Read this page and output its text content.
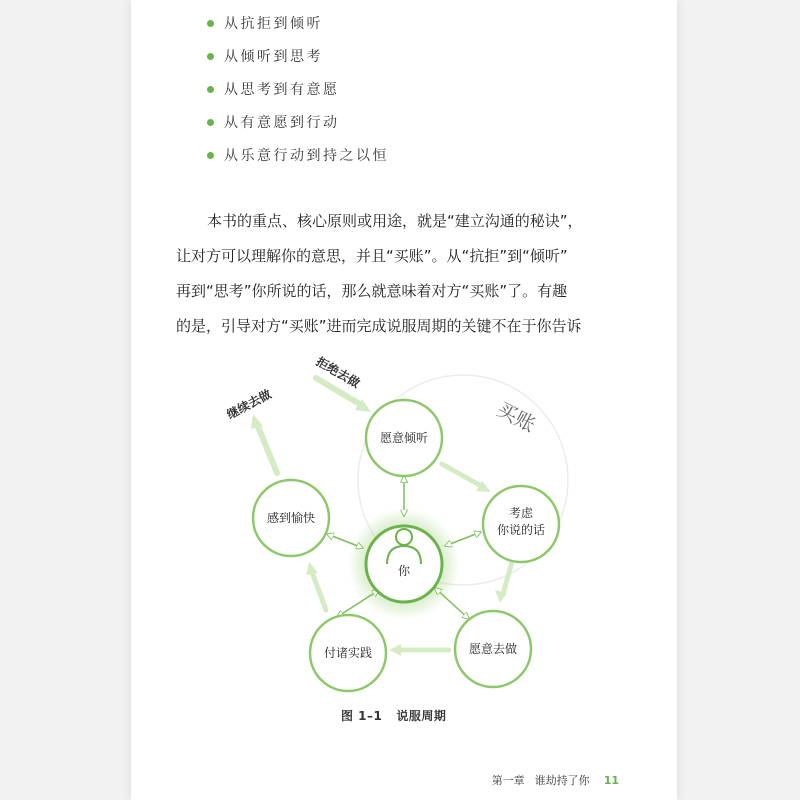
从抗拒到倾听
从倾听到思考
从思考到有意愿
从有意愿到行动
从乐意行动到持之以恒
本书的重点、核心原则或用途，就是“建立沟通的秘诀”，
让对方可以理解你的意思，并且“买账”。从“抗拒”到“倾听”
再到“思考”你所说的话，那么就意味着对方“买账”了。有趣
的是，引导对方“买账”进而完成说服周期的关键不在于你告诉
买账
拒绝去做
继续去做
你
愿意倾听
考虑
你说的话
愿意去做
付诸实践
感到愉快
图 1–1 说服周期
第一章 谁劫持了你 11
